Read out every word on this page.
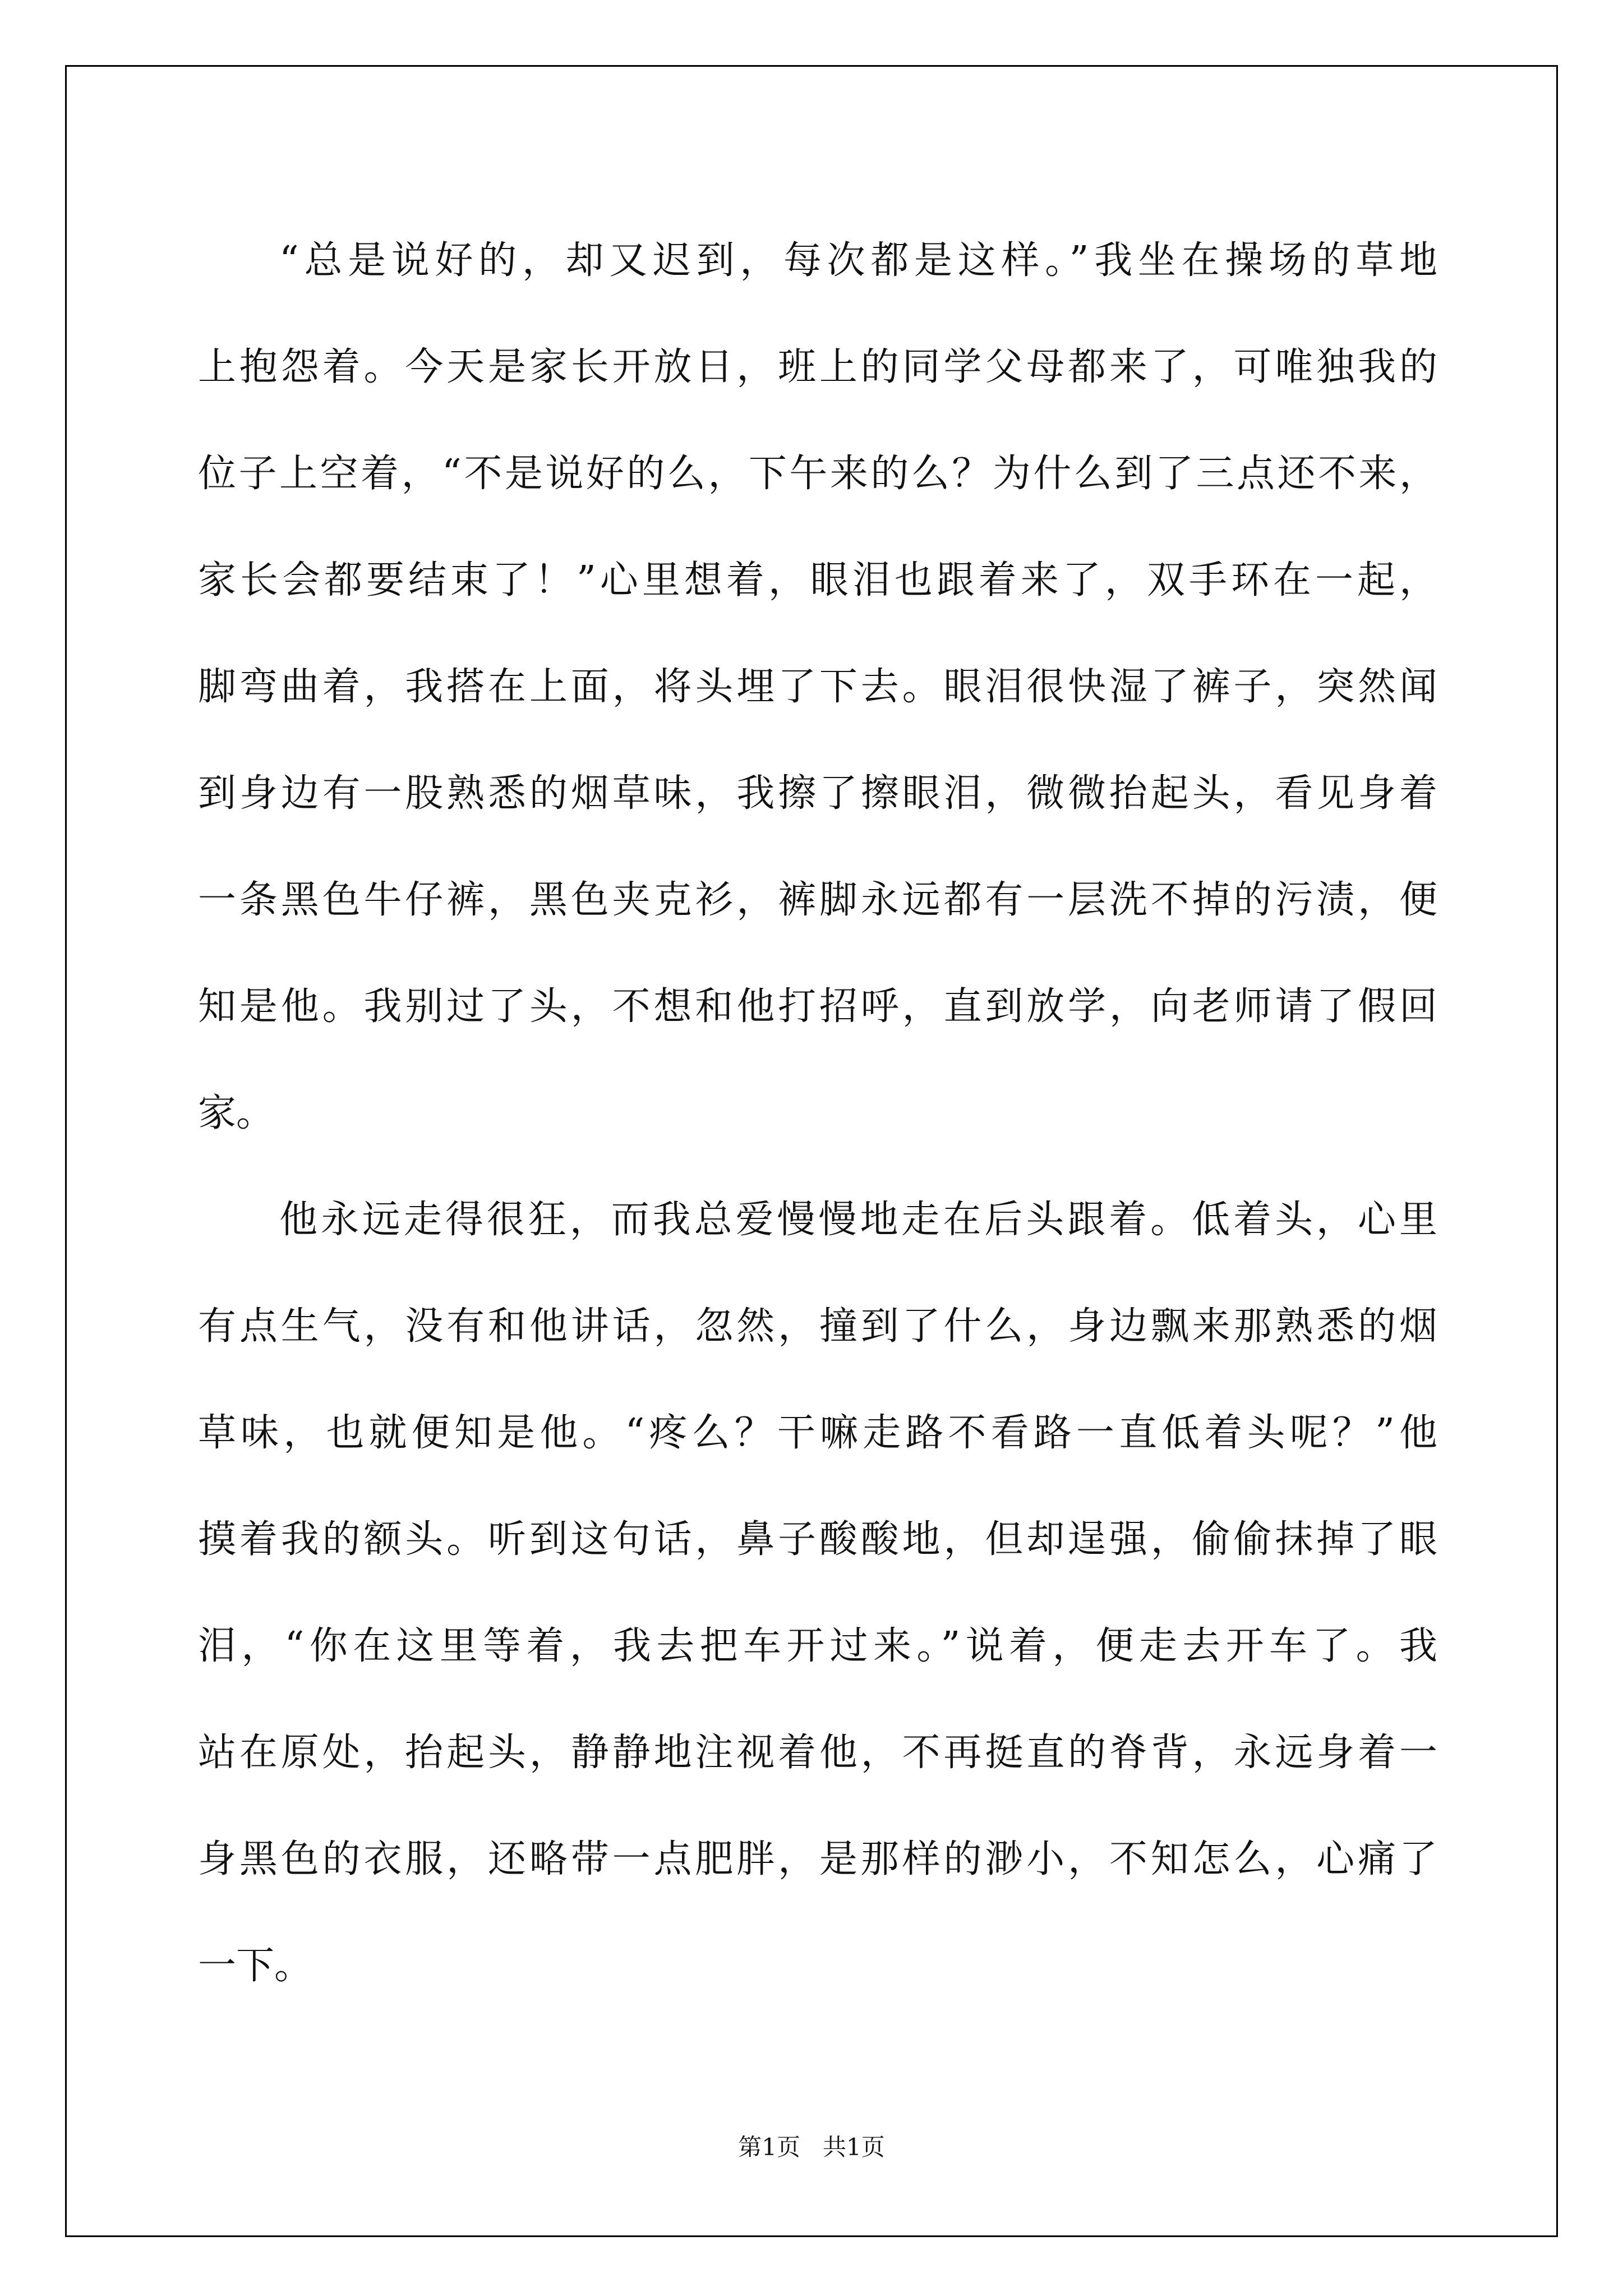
“总是说好的，却又迟到，每次都是这样。”我坐在操场的草地
上抱怨着。今天是家长开放日，班上的同学父母都来了，可唯独我的
位子上空着，“不是说好的么，下午来的么？为什么到了三点还不来，
家长会都要结束了！”心里想着，眼泪也跟着来了，双手环在一起，
脚弯曲着，我搭在上面，将头埋了下去。眼泪很快湿了裤子，突然闻
到身边有一股熟悉的烟草味，我擦了擦眼泪，微微抬起头，看见身着
一条黑色牛仔裤，黑色夹克衫，裤脚永远都有一层洗不掉的污渍，便
知是他。我别过了头，不想和他打招呼，直到放学，向老师请了假回
家。
他永远走得很狂，而我总爱慢慢地走在后头跟着。低着头，心里
有点生气，没有和他讲话，忽然，撞到了什么，身边飘来那熟悉的烟
草味，也就便知是他。“疼么？干嘛走路不看路一直低着头呢？”他
摸着我的额头。听到这句话，鼻子酸酸地，但却逞强，偷偷抹掉了眼
泪，“你在这里等着，我去把车开过来。”说着，便走去开车了。我
站在原处，抬起头，静静地注视着他，不再挺直的脊背，永远身着一
身黑色的衣服，还略带一点肥胖，是那样的渺小，不知怎么，心痛了
一下。
第1页 共1页
